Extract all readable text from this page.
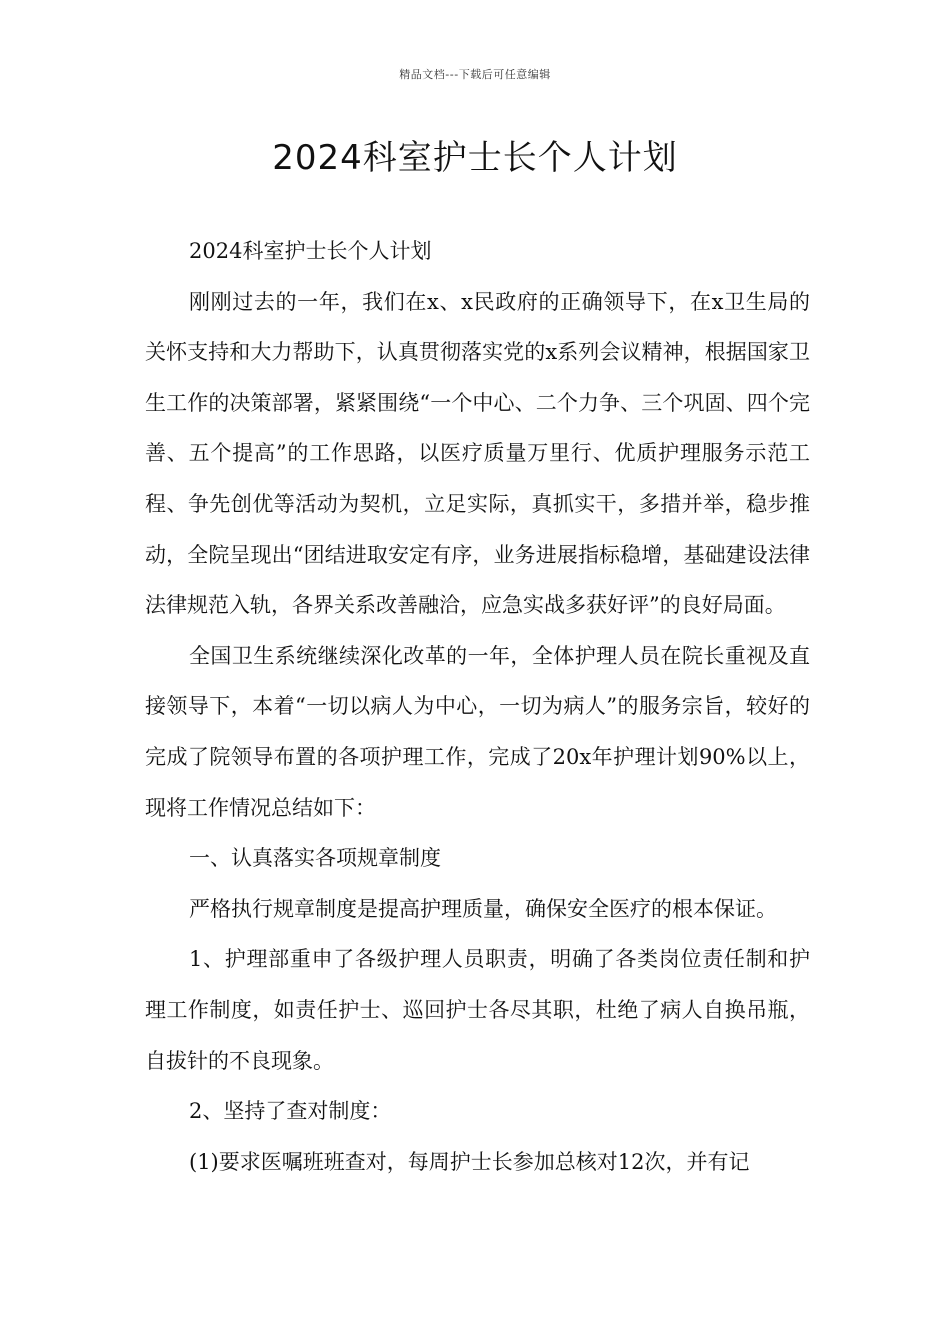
精品文档---下载后可任意编辑
2024科室护士长个人计划

2024科室护士长个人计划

刚刚过去的一年，我们在x、x民政府的正确领导下，在x卫生局的关怀支持和大力帮助下，认真贯彻落实党的x系列会议精神，根据国家卫生工作的决策部署，紧紧围绕“一个中心、二个力争、三个巩固、四个完善、五个提高”的工作思路，以医疗质量万里行、优质护理服务示范工程、争先创优等活动为契机，立足实际，真抓实干，多措并举，稳步推动，全院呈现出“团结进取安定有序，业务进展指标稳增，基础建设法律法律规范入轨，各界关系改善融洽，应急实战多获好评”的良好局面。

全国卫生系统继续深化改革的一年，全体护理人员在院长重视及直接领导下，本着“一切以病人为中心，一切为病人”的服务宗旨，较好的完成了院领导布置的各项护理工作，完成了20x年护理计划90%以上，现将工作情况总结如下：

一、认真落实各项规章制度

严格执行规章制度是提高护理质量，确保安全医疗的根本保证。

1、护理部重申了各级护理人员职责，明确了各类岗位责任制和护理工作制度，如责任护士、巡回护士各尽其职，杜绝了病人自换吊瓶，自拔针的不良现象。

2、坚持了查对制度：

(1)要求医嘱班班查对，每周护士长参加总核对12次，并有记
